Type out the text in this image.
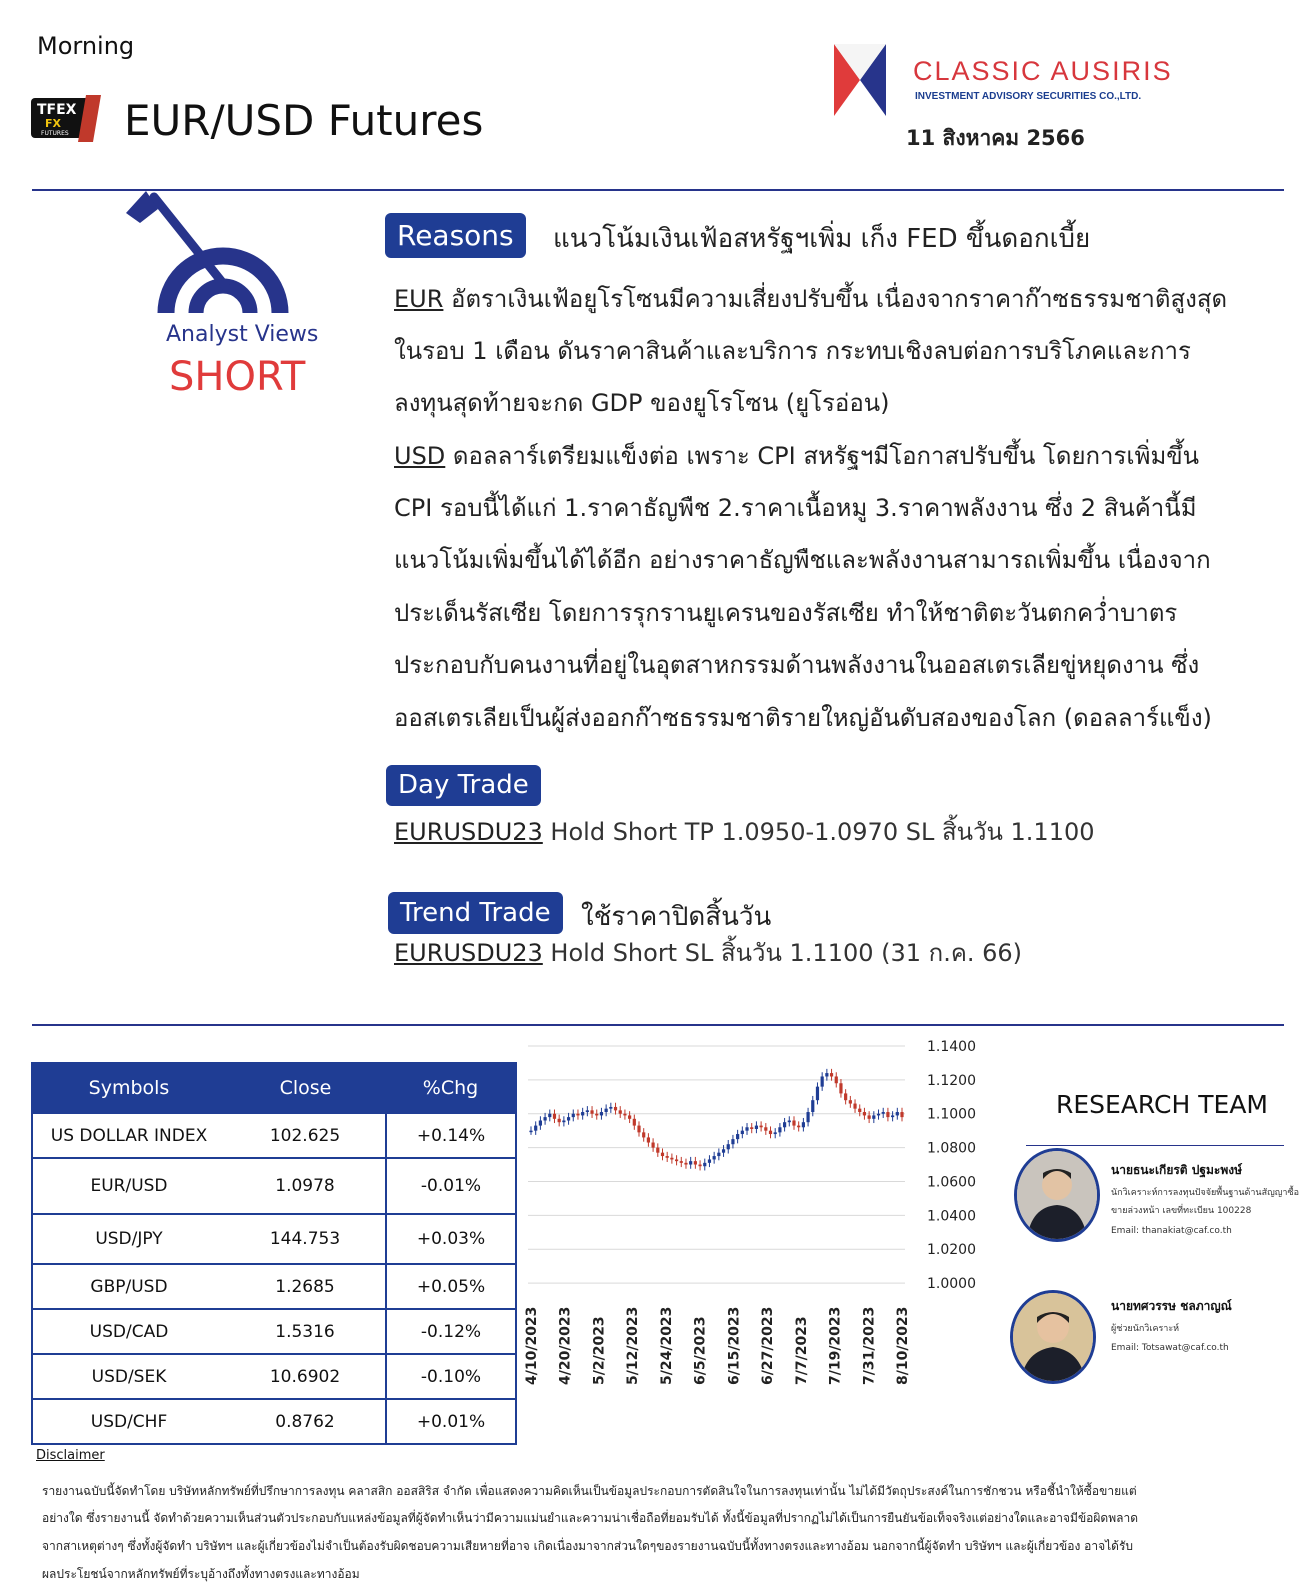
Morning
TFEX
FX
FUTURES EUR/USD Futures
CLASSIC AUSIRIS
INVESTMENT ADVISORY SECURITIES CO.,LTD.
11 สิงหาคม 2566
Analyst Views
SHORT
Reasons	แนวโน้มเงินเฟ้อสหรัฐฯเพิ่ม เก็ง FED ขึ้นดอกเบี้ย
EUR อัตราเงินเฟ้อยูโรโซนมีความเสี่ยงปรับขึ้น เนื่องจากราคาก๊าซธรรมชาติสูงสุด
ในรอบ 1 เดือน ดันราคาสินค้าและบริการ กระทบเชิงลบต่อการบริโภคและการ
ลงทุนสุดท้ายจะกด GDP ของยูโรโซน (ยูโรอ่อน)
USD ดอลลาร์เตรียมแข็งต่อ เพราะ CPI สหรัฐฯมีโอกาสปรับขึ้น โดยการเพิ่มขึ้น
CPI รอบนี้ได้แก่ 1.ราคาธัญพืช 2.ราคาเนื้อหมู 3.ราคาพลังงาน ซึ่ง 2 สินค้านี้มี
แนวโน้มเพิ่มขึ้นได้ได้อีก อย่างราคาธัญพืชและพลังงานสามารถเพิ่มขึ้น เนื่องจาก
ประเด็นรัสเซีย โดยการรุกรานยูเครนของรัสเซีย ทำให้ชาติตะวันตกคว่ำบาตร
ประกอบกับคนงานที่อยู่ในอุตสาหกรรมด้านพลังงานในออสเตรเลียขู่หยุดงาน ซึ่ง
ออสเตรเลียเป็นผู้ส่งออกก๊าซธรรมชาติรายใหญ่อันดับสองของโลก (ดอลลาร์แข็ง)
Day Trade
EURUSDU23 Hold Short TP 1.0950-1.0970 SL สิ้นวัน 1.1100
Trend Trade	ใช้ราคาปิดสิ้นวัน
EURUSDU23 Hold Short SL สิ้นวัน 1.1100 (31 ก.ค. 66)
Symbols	Close	%Chg
US DOLLAR INDEX	102.625	+0.14%
EUR/USD	1.0978	-0.01%
USD/JPY	144.753	+0.03%
GBP/USD	1.2685	+0.05%
USD/CAD	1.5316	-0.12%
USD/SEK	10.6902	-0.10%
USD/CHF	0.8762	+0.01%
1.1400
1.1200
1.1000
1.0800
1.0600
1.0400
1.0200
1.0000
4/10/2023 4/20/2023 5/2/2023 5/12/2023 5/24/2023 6/5/2023 6/15/2023 6/27/2023 7/7/2023 7/19/2023 7/31/2023 8/10/2023
RESEARCH TEAM
นายธนะเกียรติ ปฐมะพงษ์
นักวิเคราะห์การลงทุนปัจจัยพื้นฐานด้านสัญญาซื้อ
ขายล่วงหน้า เลขที่ทะเบียน 100228
Email: thanakiat@caf.co.th
นายทศวรรษ ชลภาญณ์
ผู้ช่วยนักวิเคราะห์
Email: Totsawat@caf.co.th
Disclaimer
รายงานฉบับนี้จัดทำโดย บริษัทหลักทรัพย์ที่ปรึกษาการลงทุน คลาสสิก ออสสิริส จำกัด เพื่อแสดงความคิดเห็นเป็นข้อมูลประกอบการตัดสินใจในการลงทุนเท่านั้น ไม่ได้มีวัตถุประสงค์ในการชักชวน หรือชี้นำให้ซื้อขายแต่
อย่างใด ซึ่งรายงานนี้ จัดทำด้วยความเห็นส่วนตัวประกอบกับแหล่งข้อมูลที่ผู้จัดทำเห็นว่ามีความแม่นยำและความน่าเชื่อถือที่ยอมรับได้ ทั้งนี้ข้อมูลที่ปรากฏไม่ได้เป็นการยืนยันข้อเท็จจริงแต่อย่างใดและอาจมีข้อผิดพลาด
จากสาเหตุต่างๆ ซึ่งทั้งผู้จัดทำ บริษัทฯ และผู้เกี่ยวข้องไม่จำเป็นต้องรับผิดชอบความเสียหายที่อาจ เกิดเนื่องมาจากส่วนใดๆของรายงานฉบับนี้ทั้งทางตรงและทางอ้อม นอกจากนี้ผู้จัดทำ บริษัทฯ และผู้เกี่ยวข้อง อาจได้รับ
ผลประโยชน์จากหลักทรัพย์ที่ระบุอ้างถึงทั้งทางตรงและทางอ้อม
